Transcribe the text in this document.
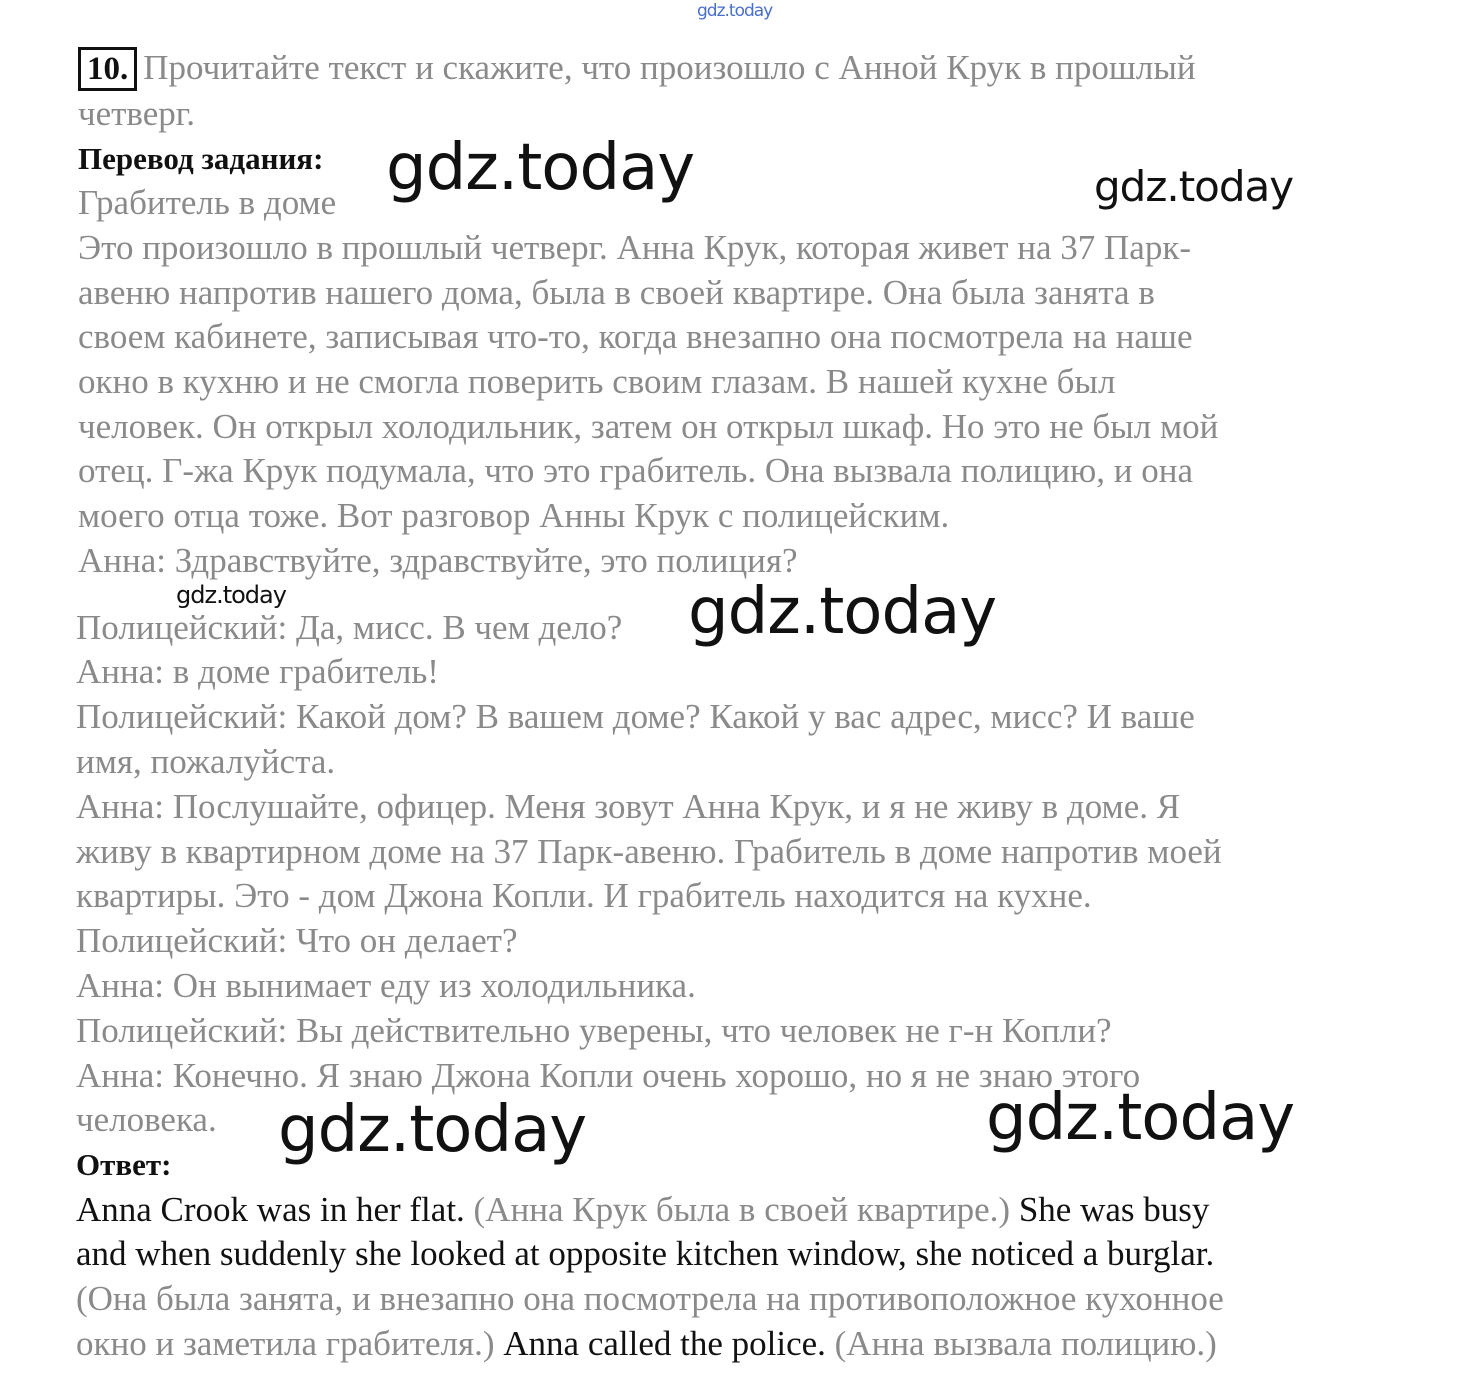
gdz.today
10. Прочитайте текст и скажите, что произошло с Анной Крук в прошлый
четверг.
Перевод задания:
Грабитель в доме
Это произошло в прошлый четверг. Анна Крук, которая живет на 37 Парк-
авеню напротив нашего дома, была в своей квартире. Она была занята в
своем кабинете, записывая что-то, когда внезапно она посмотрела на наше
окно в кухню и не смогла поверить своим глазам. В нашей кухне был
человек. Он открыл холодильник, затем он открыл шкаф. Но это не был мой
отец. Г-жа Крук подумала, что это грабитель. Она вызвала полицию, и она
моего отца тоже. Вот разговор Анны Крук с полицейским.
Анна: Здравствуйте, здравствуйте, это полиция?
Полицейский: Да, мисс. В чем дело?
Анна: в доме грабитель!
Полицейский: Какой дом? В вашем доме? Какой у вас адрес, мисс? И ваше
имя, пожалуйста.
Анна: Послушайте, офицер. Меня зовут Анна Крук, и я не живу в доме. Я
живу в квартирном доме на 37 Парк-авеню. Грабитель в доме напротив моей
квартиры. Это - дом Джона Копли. И грабитель находится на кухне.
Полицейский: Что он делает?
Анна: Он вынимает еду из холодильника.
Полицейский: Вы действительно уверены, что человек не г-н Копли?
Анна: Конечно. Я знаю Джона Копли очень хорошо, но я не знаю этого
человека.
Ответ:
Anna Crook was in her flat. (Анна Крук была в своей квартире.) She was busy
and when suddenly she looked at opposite kitchen window, she noticed a burglar.
(Она была занята, и внезапно она посмотрела на противоположное кухонное
окно и заметила грабителя.) Anna called the police. (Анна вызвала полицию.)
gdz.today	gdz.today
gdz.today	gdz.today
gdz.today	gdz.today
